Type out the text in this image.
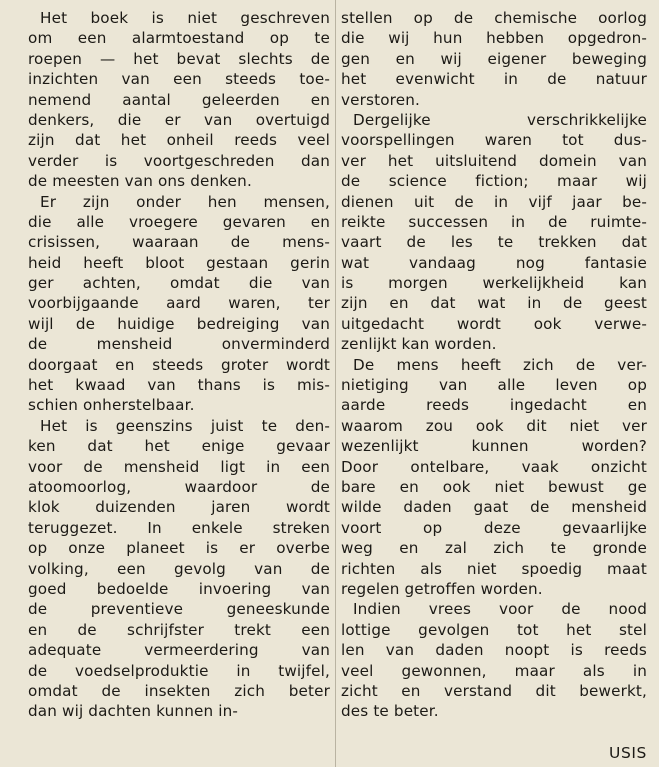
Het boek is niet geschreven
om een alarmtoestand op te
roepen — het bevat slechts de
inzichten van een steeds toe-
nemend aantal geleerden en
denkers, die er van overtuigd
zijn dat het onheil reeds veel
verder is voortgeschreden dan
de meesten van ons denken.
Er zijn onder hen mensen,
die alle vroegere gevaren en
crisissen, waaraan de mens-
heid heeft bloot gestaan gerin
ger achten, omdat die van
voorbijgaande aard waren, ter
wijl de huidige bedreiging van
de mensheid onverminderd
doorgaat en steeds groter wordt
het kwaad van thans is mis-
schien onherstelbaar.
Het is geenszins juist te den-
ken dat het enige gevaar
voor de mensheid ligt in een
atoomoorlog, waardoor de
klok duizenden jaren wordt
teruggezet. In enkele streken
op onze planeet is er overbe
volking, een gevolg van de
goed bedoelde invoering van
de preventieve geneeskunde
en de schrijfster trekt een
adequate vermeerdering van
de voedselproduktie in twijfel,
omdat de insekten zich beter
dan wij dachten kunnen in-
stellen op de chemische oorlog
die wij hun hebben opgedron-
gen en wij eigener beweging
het evenwicht in de natuur
verstoren.
Dergelijke verschrikkelijke
voorspellingen waren tot dus-
ver het uitsluitend domein van
de science fiction; maar wij
dienen uit de in vijf jaar be-
reikte successen in de ruimte-
vaart de les te trekken dat
wat vandaag nog fantasie
is morgen werkelijkheid kan
zijn en dat wat in de geest
uitgedacht wordt ook verwe-
zenlijkt kan worden.
De mens heeft zich de ver-
nietiging van alle leven op
aarde reeds ingedacht en
waarom zou ook dit niet ver
wezenlijkt kunnen worden?
Door ontelbare, vaak onzicht
bare en ook niet bewust ge
wilde daden gaat de mensheid
voort op deze gevaarlijke
weg en zal zich te gronde
richten als niet spoedig maat
regelen getroffen worden.
Indien vrees voor de nood
lottige gevolgen tot het stel
len van daden noopt is reeds
veel gewonnen, maar als in
zicht en verstand dit bewerkt,
des te beter.
USIS
